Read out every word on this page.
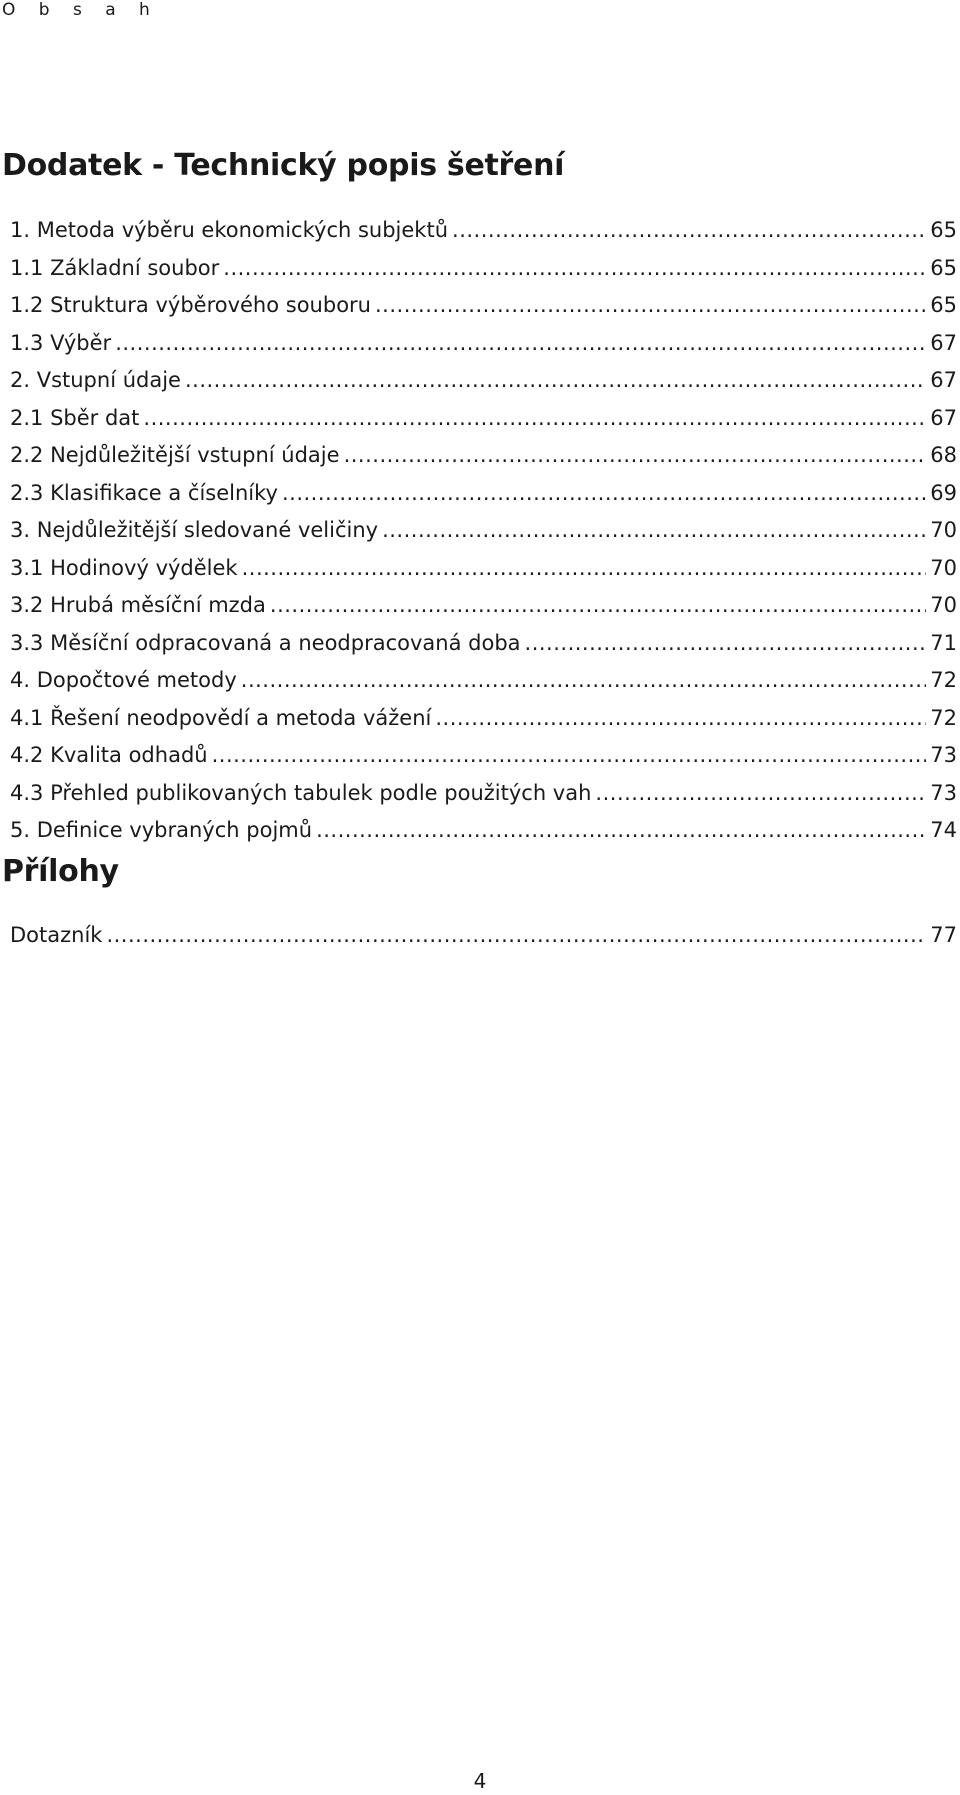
O b s a h
Dodatek - Technický popis šetření
1. Metoda výběru ekonomických subjektů .....	65
1.1 Základní soubor .....	65
1.2 Struktura výběrového souboru .....	65
1.3 Výběr .....	67
2. Vstupní údaje .....	67
2.1 Sběr dat .....	67
2.2 Nejdůležitější vstupní údaje .....	68
2.3 Klasifikace a číselníky .....	69
3. Nejdůležitější sledované veličiny .....	70
3.1 Hodinový výdělek .....	70
3.2 Hrubá měsíční mzda .....	70
3.3 Měsíční odpracovaná a neodpracovaná doba .....	71
4. Dopočtové metody .....	72
4.1 Řešení neodpovědí a metoda vážení .....	72
4.2 Kvalita odhadů .....	73
4.3 Přehled publikovaných tabulek podle použitých vah .....	73
5. Definice vybraných pojmů .....	74
Přílohy
Dotazník .....	77
4
